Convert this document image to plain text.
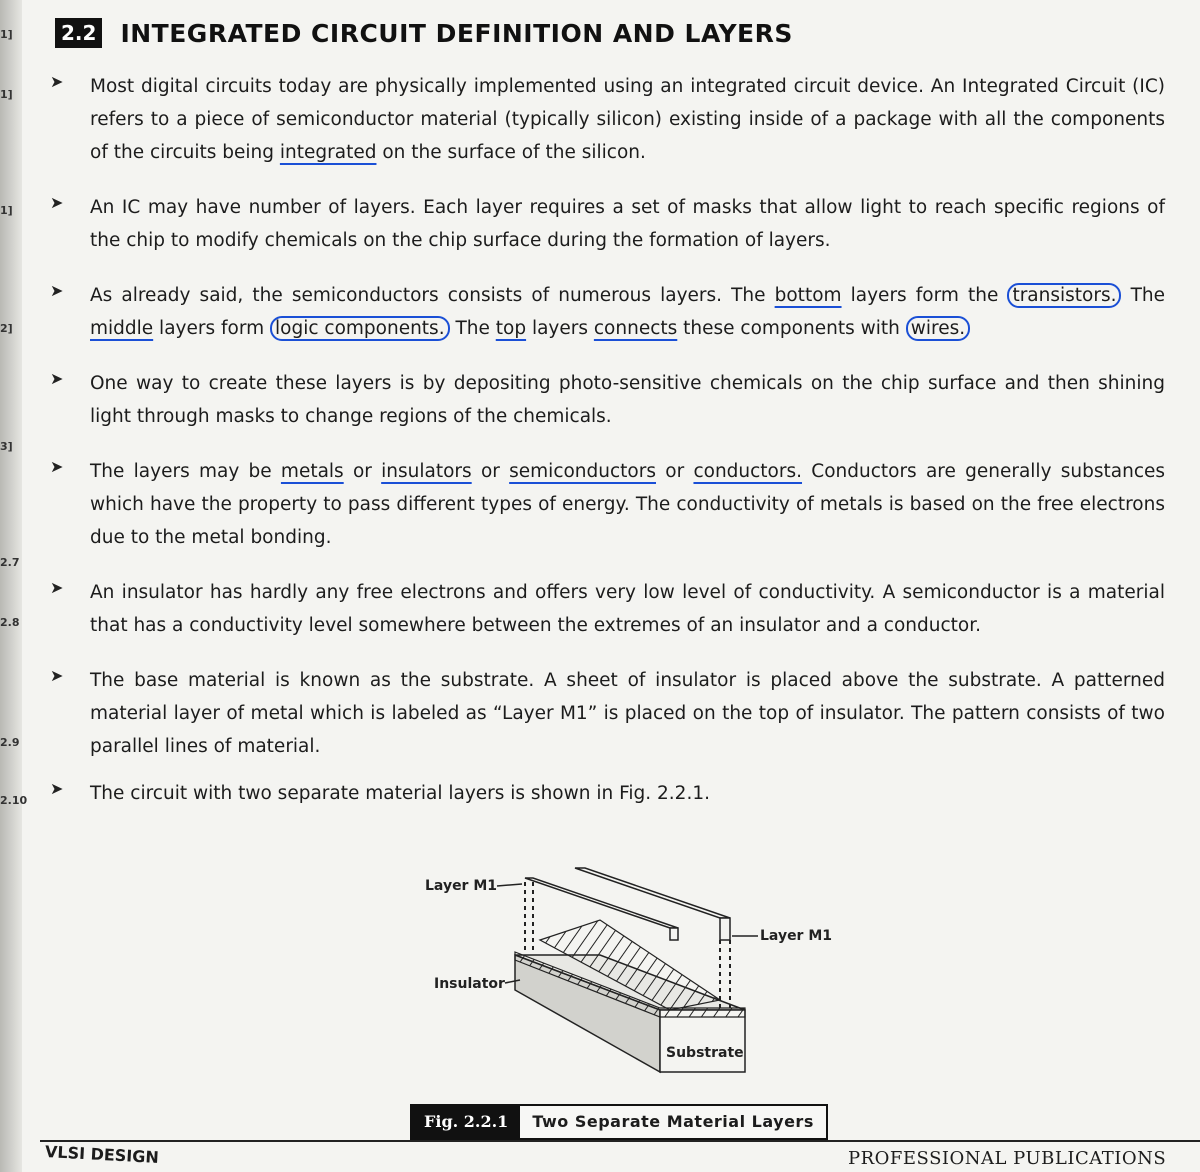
1]
1]
1]
2]
3]
2.7
2.8
2.9
2.10
2.2 INTEGRATED CIRCUIT DEFINITION AND LAYERS
➤ Most digital circuits today are physically implemented using an integrated circuit device. An Integrated Circuit (IC) refers to a piece of semiconductor material (typically silicon) existing inside of a package with all the components of the circuits being integrated on the surface of the silicon.
➤ An IC may have number of layers. Each layer requires a set of masks that allow light to reach specific regions of the chip to modify chemicals on the chip surface during the formation of layers.
➤ As already said, the semiconductors consists of numerous layers. The bottom layers form the transistors. The middle layers form logic components. The top layers connects these components with wires.
➤ One way to create these layers is by depositing photo-sensitive chemicals on the chip surface and then shining light through masks to change regions of the chemicals.
➤ The layers may be metals or insulators or semiconductors or conductors. Conductors are generally substances which have the property to pass different types of energy. The conductivity of metals is based on the free electrons due to the metal bonding.
➤ An insulator has hardly any free electrons and offers very low level of conductivity. A semiconductor is a material that has a conductivity level somewhere between the extremes of an insulator and a conductor.
➤ The base material is known as the substrate. A sheet of insulator is placed above the substrate. A patterned material layer of metal which is labeled as “Layer M1” is placed on the top of insulator. The pattern consists of two parallel lines of material.
➤ The circuit with two separate material layers is shown in Fig. 2.2.1.
Layer M1
Layer M1
Insulator
Substrate
Fig. 2.2.1	Two Separate Material Layers
VLSI DESIGN	PROFESSIONAL PUBLICATIONS
